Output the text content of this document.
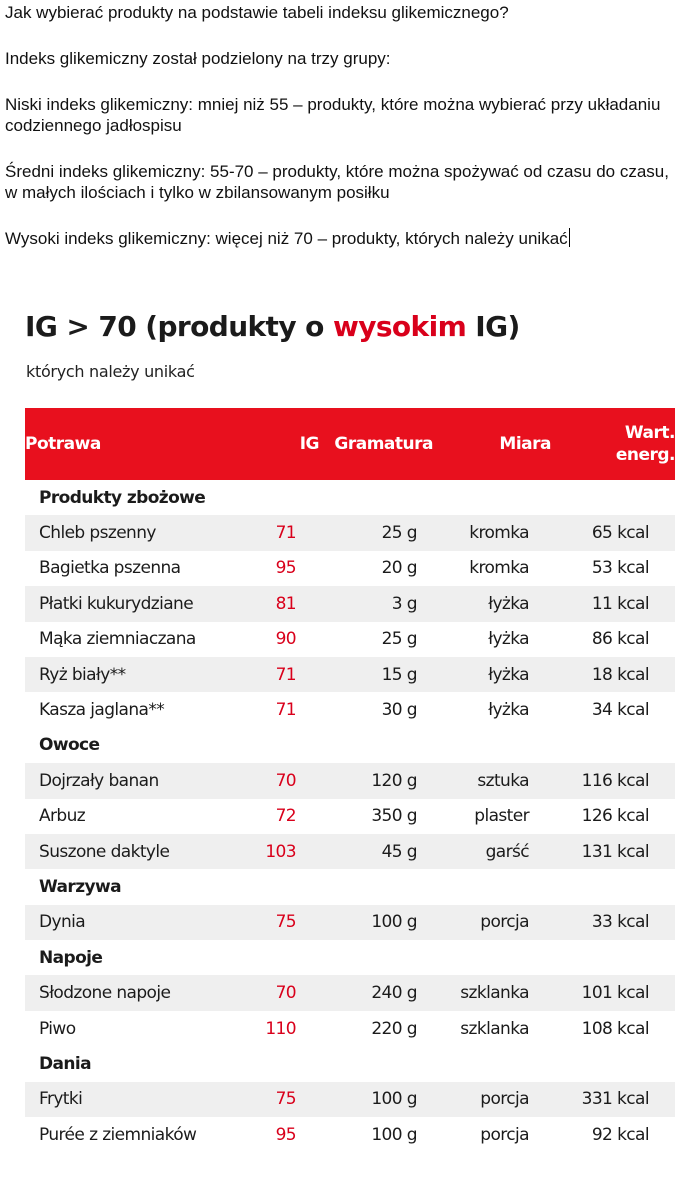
Jak wybierać produkty na podstawie tabeli indeksu glikemicznego?

Indeks glikemiczny został podzielony na trzy grupy:

Niski indeks glikemiczny: mniej niż 55 – produkty, które można wybierać przy układaniu codziennego jadłospisu

Średni indeks glikemiczny: 55-70 – produkty, które można spożywać od czasu do czasu, w małych ilościach i tylko w zbilansowanym posiłku

Wysoki indeks glikemiczny: więcej niż 70 – produkty, których należy unikać

IG > 70 (produkty o wysokim IG)
których należy unikać
Potrawa	IG	Gramatura	Miara	Wart.
energ.
Produkty zbożowe				
Chleb pszenny	71	25 g	kromka	65 kcal
Bagietka pszenna	95	20 g	kromka	53 kcal
Płatki kukurydziane	81	3 g	łyżka	11 kcal
Mąka ziemniaczana	90	25 g	łyżka	86 kcal
Ryż biały**	71	15 g	łyżka	18 kcal
Kasza jaglana**	71	30 g	łyżka	34 kcal
Owoce				
Dojrzały banan	70	120 g	sztuka	116 kcal
Arbuz	72	350 g	plaster	126 kcal
Suszone daktyle	103	45 g	garść	131 kcal
Warzywa				
Dynia	75	100 g	porcja	33 kcal
Napoje				
Słodzone napoje	70	240 g	szklanka	101 kcal
Piwo	110	220 g	szklanka	108 kcal
Dania				
Frytki	75	100 g	porcja	331 kcal
Purée z ziemniaków	95	100 g	porcja	92 kcal
